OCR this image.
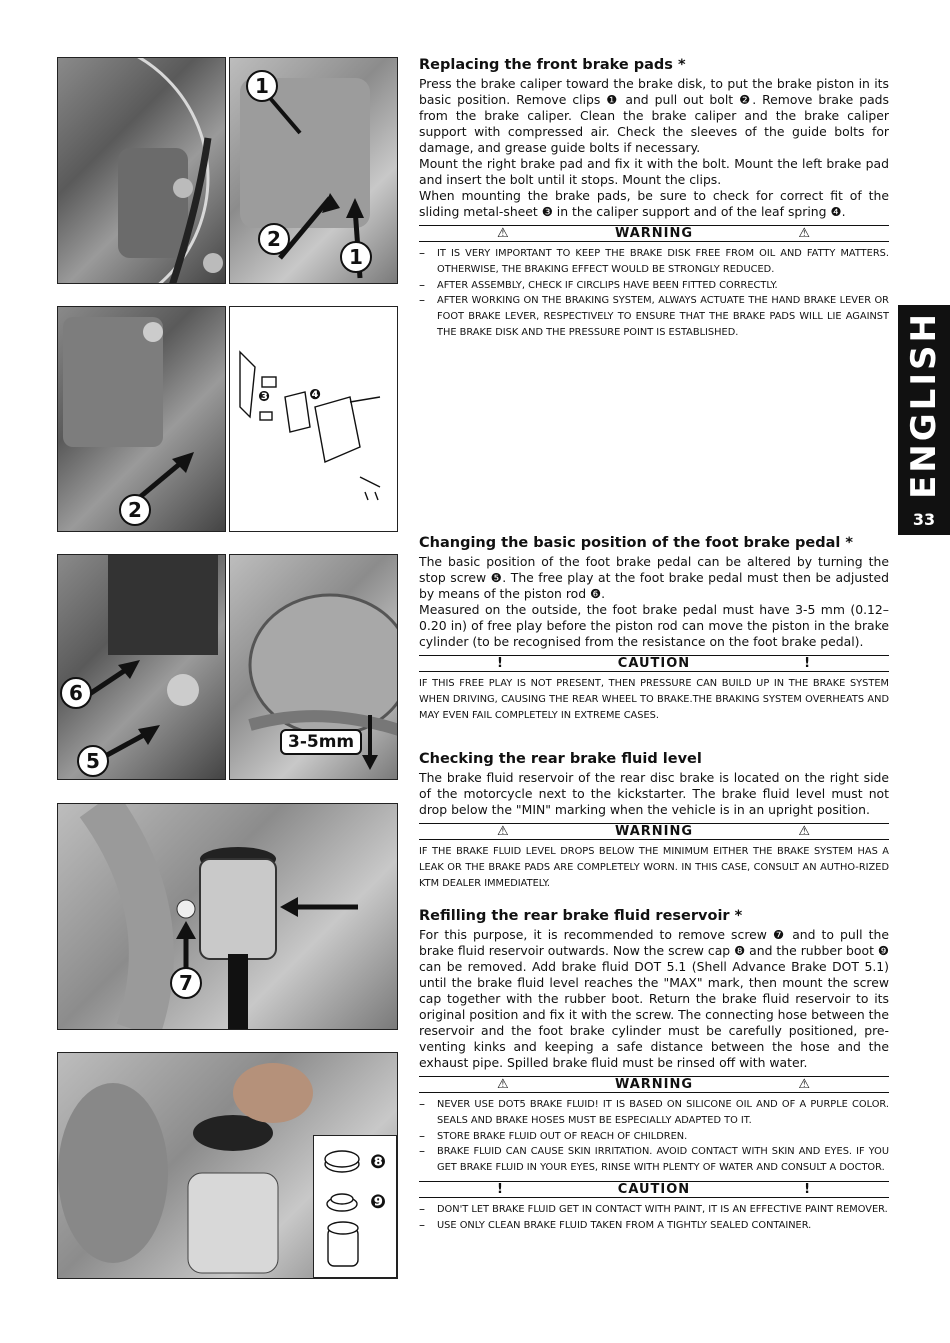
1
2
1
2
❸	❹
6
5
3-5mm
7
❽
❾
ENGLISH
33
Replacing the front brake pads *

Press the brake caliper toward the brake disk, to put the brake piston in its basic position. Remove clips ❶ and pull out bolt ❷. Remove brake pads from the brake caliper. Clean the brake caliper and the brake caliper support with compressed air. Check the sleeves of the guide bolts for damage, and grease guide bolts if necessary.
Mount the right brake pad and fix it with the bolt. Mount the left brake pad and insert the bolt until it stops. Mount the clips.
When mounting the brake pads, be sure to check for correct fit of the sliding metal-sheet ❸ in the caliper support and of the leaf spring ❹.

⚠	WARNING	⚠
– IT IS VERY IMPORTANT TO KEEP THE BRAKE DISK FREE FROM OIL AND FATTY MATTERS. OTHERWISE, THE BRAKING EFFECT WOULD BE STRONGLY REDUCED.
– AFTER ASSEMBLY, CHECK IF CIRCLIPS HAVE BEEN FITTED CORRECTLY.
– AFTER WORKING ON THE BRAKING SYSTEM, ALWAYS ACTUATE THE HAND BRAKE LEVER OR FOOT BRAKE LEVER, RESPECTIVELY TO ENSURE THAT THE BRAKE PADS WILL LIE AGAINST THE BRAKE DISK AND THE PRESSURE POINT IS ESTABLISHED.
Changing the basic position of the foot brake pedal *

The basic position of the foot brake pedal can be altered by turning the stop screw ❺. The free play at the foot brake pedal must then be adjusted by means of the piston rod ❻.
Measured on the outside, the foot brake pedal must have 3-5 mm (0.12–0.20 in) of free play before the piston rod can move the piston in the brake cylinder (to be recognised from the resistance on the foot brake pedal).

!	CAUTION	!

IF THIS FREE PLAY IS NOT PRESENT, THEN PRESSURE CAN BUILD UP IN THE BRAKE SYSTEM WHEN DRIVING, CAUSING THE REAR WHEEL TO BRAKE.THE BRAKING SYSTEM OVERHEATS AND MAY EVEN FAIL COMPLETELY IN EXTREME CASES.

Checking the rear brake fluid level

The brake fluid reservoir of the rear disc brake is located on the right side of the motorcycle next to the kickstarter. The brake fluid level must not drop below the "MIN" marking when the vehicle is in an upright position.

⚠	WARNING	⚠

IF THE BRAKE FLUID LEVEL DROPS BELOW THE MINIMUM EITHER THE BRAKE SYSTEM HAS A LEAK OR THE BRAKE PADS ARE COMPLETELY WORN. IN THIS CASE, CONSULT AN AUTHO-RIZED KTM DEALER IMMEDIATELY.

Refilling the rear brake fluid reservoir *

For this purpose, it is recommended to remove screw ❼ and to pull the brake fluid reservoir outwards. Now the screw cap ❽ and the rubber boot ❾ can be removed. Add brake fluid DOT 5.1 (Shell Advance Brake DOT 5.1) until the brake fluid level reaches the "MAX" mark, then mount the screw cap together with the rubber boot. Return the brake fluid reservoir to its original position and fix it with the screw. The connecting hose between the reservoir and the foot brake cylinder must be carefully positioned, pre-venting kinks and keeping a safe distance between the hose and the exhaust pipe. Spilled brake fluid must be rinsed off with water.

⚠	WARNING	⚠
– NEVER USE DOT5 BRAKE FLUID! IT IS BASED ON SILICONE OIL AND OF A PURPLE COLOR. SEALS AND BRAKE HOSES MUST BE ESPECIALLY ADAPTED TO IT.
– STORE BRAKE FLUID OUT OF REACH OF CHILDREN.
– BRAKE FLUID CAN CAUSE SKIN IRRITATION. AVOID CONTACT WITH SKIN AND EYES. IF YOU GET BRAKE FLUID IN YOUR EYES, RINSE WITH PLENTY OF WATER AND CONSULT A DOCTOR.
!	CAUTION	!
– DON'T LET BRAKE FLUID GET IN CONTACT WITH PAINT, IT IS AN EFFECTIVE PAINT REMOVER.
– USE ONLY CLEAN BRAKE FLUID TAKEN FROM A TIGHTLY SEALED CONTAINER.
